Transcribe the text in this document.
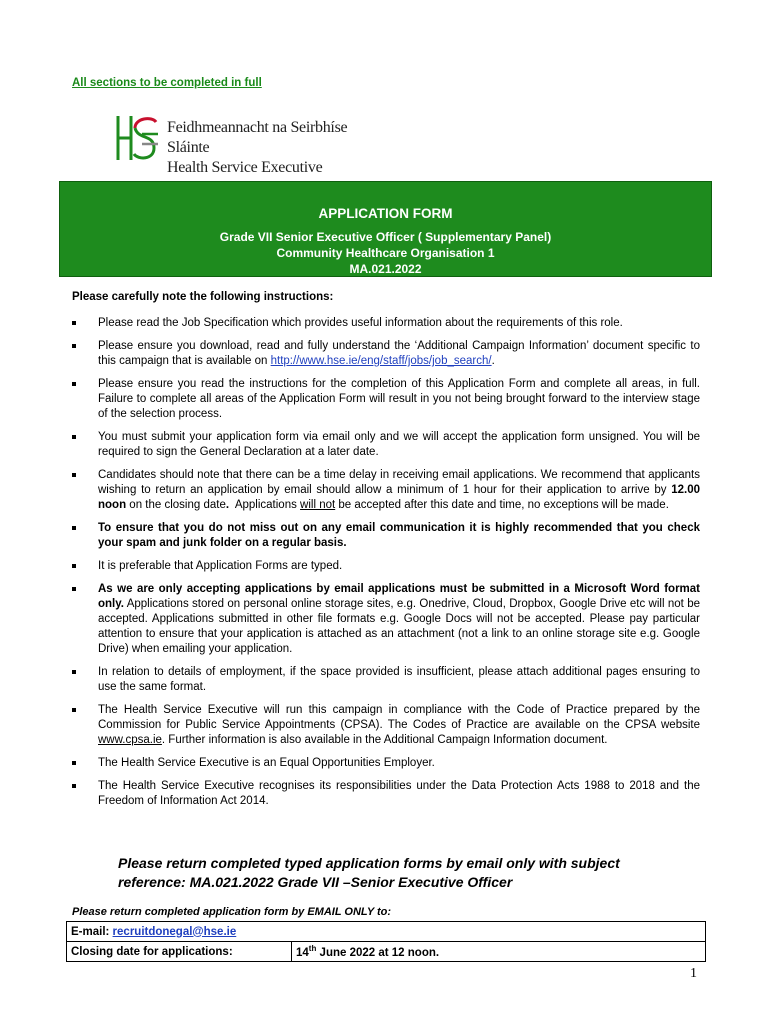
All sections to be completed in full
Feidhmeannacht na Seirbhíse Sláinte
Health Service Executive
APPLICATION FORM
Grade VII Senior Executive Officer ( Supplementary Panel)
Community Healthcare Organisation 1
MA.021.2022
Please carefully note the following instructions:
Please read the Job Specification which provides useful information about the requirements of this role.
Please ensure you download, read and fully understand the ‘Additional Campaign Information’ document specific to this campaign that is available on http://www.hse.ie/eng/staff/jobs/job_search/.
Please ensure you read the instructions for the completion of this Application Form and complete all areas, in full. Failure to complete all areas of the Application Form will result in you not being brought forward to the interview stage of the selection process.
You must submit your application form via email only and we will accept the application form unsigned. You will be required to sign the General Declaration at a later date.
Candidates should note that there can be a time delay in receiving email applications. We recommend that applicants wishing to return an application by email should allow a minimum of 1 hour for their application to arrive by 12.00 noon on the closing date. Applications will not be accepted after this date and time, no exceptions will be made.
To ensure that you do not miss out on any email communication it is highly recommended that you check your spam and junk folder on a regular basis.
It is preferable that Application Forms are typed.
As we are only accepting applications by email applications must be submitted in a Microsoft Word format only. Applications stored on personal online storage sites, e.g. Onedrive, Cloud, Dropbox, Google Drive etc will not be accepted. Applications submitted in other file formats e.g. Google Docs will not be accepted. Please pay particular attention to ensure that your application is attached as an attachment (not a link to an online storage site e.g. Google Drive) when emailing your application.
In relation to details of employment, if the space provided is insufficient, please attach additional pages ensuring to use the same format.
The Health Service Executive will run this campaign in compliance with the Code of Practice prepared by the Commission for Public Service Appointments (CPSA). The Codes of Practice are available on the CPSA website www.cpsa.ie. Further information is also available in the Additional Campaign Information document.
The Health Service Executive is an Equal Opportunities Employer.
The Health Service Executive recognises its responsibilities under the Data Protection Acts 1988 to 2018 and the Freedom of Information Act 2014.
Please return completed typed application forms by email only with subject reference: MA.021.2022 Grade VII –Senior Executive Officer
Please return completed application form by EMAIL ONLY to:
E-mail: recruitdonegal@hse.ie
Closing date for applications:	14th June 2022 at 12 noon.
1
